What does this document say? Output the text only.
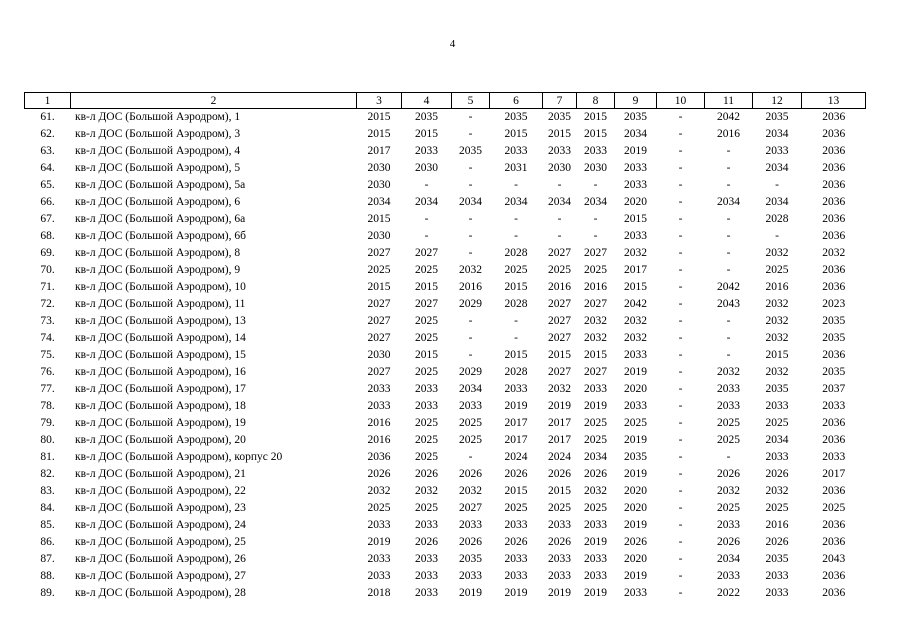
4
1	2	3	4	5	6	7	8	9	10	11	12	13
61.	кв-л ДОС (Большой Аэродром), 1	2015	2035	-	2035	2035	2015	2035	-	2042	2035	2036
62.	кв-л ДОС (Большой Аэродром), 3	2015	2015	-	2015	2015	2015	2034	-	2016	2034	2036
63.	кв-л ДОС (Большой Аэродром), 4	2017	2033	2035	2033	2033	2033	2019	-	-	2033	2036
64.	кв-л ДОС (Большой Аэродром), 5	2030	2030	-	2031	2030	2030	2033	-	-	2034	2036
65.	кв-л ДОС (Большой Аэродром), 5а	2030	-	-	-	-	-	2033	-	-	-	2036
66.	кв-л ДОС (Большой Аэродром), 6	2034	2034	2034	2034	2034	2034	2020	-	2034	2034	2036
67.	кв-л ДОС (Большой Аэродром), 6а	2015	-	-	-	-	-	2015	-	-	2028	2036
68.	кв-л ДОС (Большой Аэродром), 6б	2030	-	-	-	-	-	2033	-	-	-	2036
69.	кв-л ДОС (Большой Аэродром), 8	2027	2027	-	2028	2027	2027	2032	-	-	2032	2032
70.	кв-л ДОС (Большой Аэродром), 9	2025	2025	2032	2025	2025	2025	2017	-	-	2025	2036
71.	кв-л ДОС (Большой Аэродром), 10	2015	2015	2016	2015	2016	2016	2015	-	2042	2016	2036
72.	кв-л ДОС (Большой Аэродром), 11	2027	2027	2029	2028	2027	2027	2042	-	2043	2032	2023
73.	кв-л ДОС (Большой Аэродром), 13	2027	2025	-	-	2027	2032	2032	-	-	2032	2035
74.	кв-л ДОС (Большой Аэродром), 14	2027	2025	-	-	2027	2032	2032	-	-	2032	2035
75.	кв-л ДОС (Большой Аэродром), 15	2030	2015	-	2015	2015	2015	2033	-	-	2015	2036
76.	кв-л ДОС (Большой Аэродром), 16	2027	2025	2029	2028	2027	2027	2019	-	2032	2032	2035
77.	кв-л ДОС (Большой Аэродром), 17	2033	2033	2034	2033	2032	2033	2020	-	2033	2035	2037
78.	кв-л ДОС (Большой Аэродром), 18	2033	2033	2033	2019	2019	2019	2033	-	2033	2033	2033
79.	кв-л ДОС (Большой Аэродром), 19	2016	2025	2025	2017	2017	2025	2025	-	2025	2025	2036
80.	кв-л ДОС (Большой Аэродром), 20	2016	2025	2025	2017	2017	2025	2019	-	2025	2034	2036
81.	кв-л ДОС (Большой Аэродром), корпус 20	2036	2025	-	2024	2024	2034	2035	-	-	2033	2033
82.	кв-л ДОС (Большой Аэродром), 21	2026	2026	2026	2026	2026	2026	2019	-	2026	2026	2017
83.	кв-л ДОС (Большой Аэродром), 22	2032	2032	2032	2015	2015	2032	2020	-	2032	2032	2036
84.	кв-л ДОС (Большой Аэродром), 23	2025	2025	2027	2025	2025	2025	2020	-	2025	2025	2025
85.	кв-л ДОС (Большой Аэродром), 24	2033	2033	2033	2033	2033	2033	2019	-	2033	2016	2036
86.	кв-л ДОС (Большой Аэродром), 25	2019	2026	2026	2026	2026	2019	2026	-	2026	2026	2036
87.	кв-л ДОС (Большой Аэродром), 26	2033	2033	2035	2033	2033	2033	2020	-	2034	2035	2043
88.	кв-л ДОС (Большой Аэродром), 27	2033	2033	2033	2033	2033	2033	2019	-	2033	2033	2036
89.	кв-л ДОС (Большой Аэродром), 28	2018	2033	2019	2019	2019	2019	2033	-	2022	2033	2036
